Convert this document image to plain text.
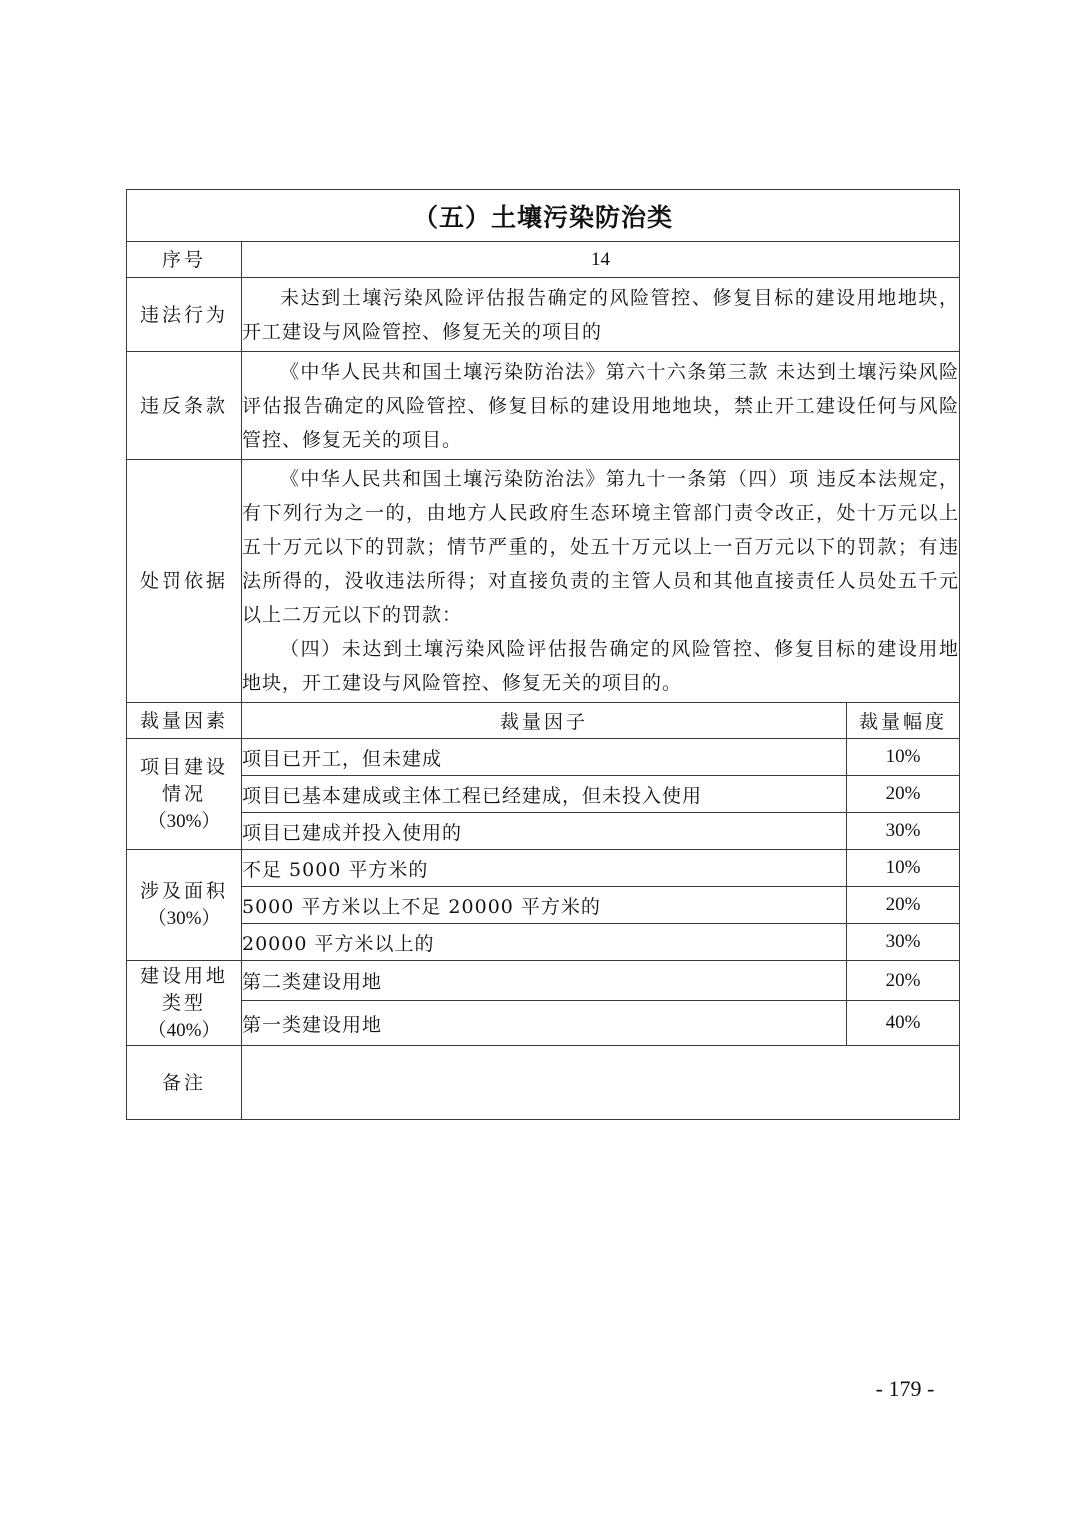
（五）土壤污染防治类		
序号	14	
违法行为	未达到土壤污染风险评估报告确定的风险管控、修复目标的建设用地地块，开工建设与风险管控、修复无关的项目的	

违反条款	《中华人民共和国土壤污染防治法》第六十六条第三款 未达到土壤污染风险评估报告确定的风险管控、修复目标的建设用地地块，禁止开工建设任何与风险管控、修复无关的项目。	

处罚依据	《中华人民共和国土壤污染防治法》第九十一条第（四）项 违反本法规定，有下列行为之一的，由地方人民政府生态环境主管部门责令改正，处十万元以上五十万元以下的罚款；情节严重的，处五十万元以上一百万元以下的罚款；有违法所得的，没收违法所得；对直接负责的主管人员和其他直接责任人员处五千元以上二万元以下的罚款：

（四）未达到土壤污染风险评估报告确定的风险管控、修复目标的建设用地地块，开工建设与风险管控、修复无关的项目的。	

裁量因素	裁量因子	裁量幅度

项目建设
情况
（30%）	项目已开工，但未建成	10%
	项目已基本建成或主体工程已经建成，但未投入使用	20%
	项目已建成并投入使用的	30%

涉及面积
（30%）	不足 5000 平方米的	10%
	5000 平方米以上不足 20000 平方米的	20%
	20000 平方米以上的	30%

建设用地
类型
（40%）	第二类建设用地	20%
	第一类建设用地	40%
备注		
- 179 -
